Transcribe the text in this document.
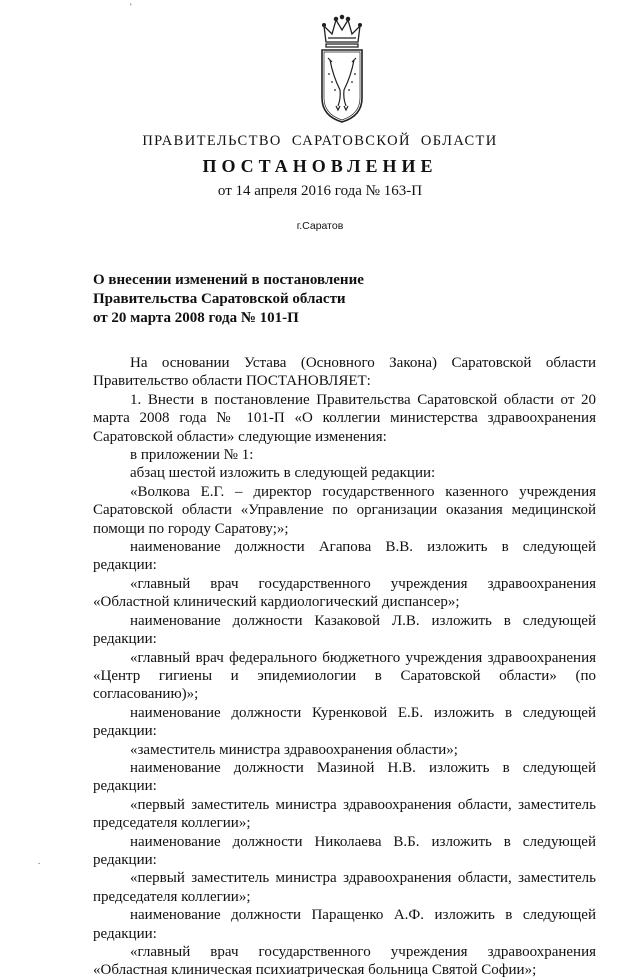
ПРАВИТЕЛЬСТВО  САРАТОВСКОЙ  ОБЛАСТИ
ПОСТАНОВЛЕНИЕ
от 14 апреля 2016 года № 163-П
г.Саратов
О внесении изменений в постановление
Правительства Саратовской области
от 20 марта 2008 года № 101-П

На основании Устава (Основного Закона) Саратовской области Правительство области ПОСТАНОВЛЯЕТ:

1. Внести в постановление Правительства Саратовской области от 20 марта 2008 года № 101-П «О коллегии министерства здравоохранения Саратовской области» следующие изменения:

в приложении № 1:

абзац шестой изложить в следующей редакции:

«Волкова Е.Г. – директор государственного казенного учреждения Саратовской области «Управление по организации оказания медицинской помощи по городу Саратову;»;

наименование должности Агапова В.В. изложить в следующей редакции:

«главный врач государственного учреждения здравоохранения «Областной клинический кардиологический диспансер»;

наименование должности Казаковой Л.В. изложить в следующей редакции:

«главный врач федерального бюджетного учреждения здравоохранения «Центр гигиены и эпидемиологии в Саратовской области» (по согласованию)»;

наименование должности Куренковой Е.Б. изложить в следующей редакции:

«заместитель министра здравоохранения области»;

наименование должности Мазиной Н.В. изложить в следующей редакции:

«первый заместитель министра здравоохранения области, заместитель председателя коллегии»;

наименование должности Николаева В.Б. изложить в следующей редакции:

«первый заместитель министра здравоохранения области, заместитель председателя коллегии»;

наименование должности Паращенко А.Ф. изложить в следующей редакции:

«главный врач государственного учреждения здравоохранения «Областная клиническая психиатрическая больница Святой Софии»;

'
.
